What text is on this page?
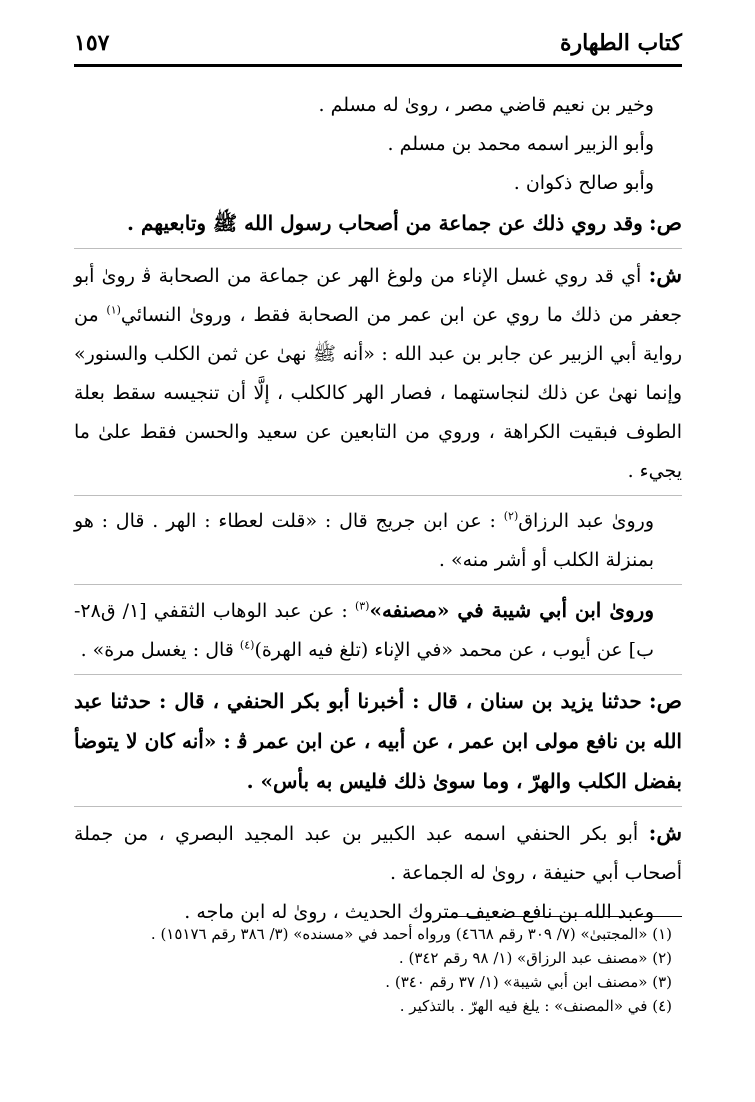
كتاب الطهارة
١٥٧

وخير بن نعيم قاضي مصر ، روىٰ له مسلم .

وأبو الزبير اسمه محمد بن مسلم .

وأبو صالح ذكوان .

ص: وقد روي ذلك عن جماعة من أصحاب رسول الله ﷺ وتابعيهم .

ش: أي قد روي غسل الإناء من ولوغ الهر عن جماعة من الصحابة ﭬ روىٰ أبو جعفر من ذلك ما روي عن ابن عمر من الصحابة فقط ، وروىٰ النسائي$^{(١)}$ من رواية أبي الزبير عن جابر بن عبد الله : «أنه ﷺ نهىٰ عن ثمن الكلب والسنور» وإنما نهىٰ عن ذلك لنجاستهما ، فصار الهر كالكلب ، إلَّا أن تنجيسه سقط بعلة الطوف فبقيت الكراهة ، وروي من التابعين عن سعيد والحسن فقط علىٰ ما يجيء .

وروىٰ عبد الرزاق$^{(٢)}$ : عن ابن جريج قال : «قلت لعطاء : الهر . قال : هو بمنزلة الكلب أو أشر منه» .

وروىٰ ابن أبي شيبة في «مصنفه»$^{(٣)}$ : عن عبد الوهاب الثقفي [١/ ق٢٨-ب] عن أيوب ، عن محمد «في الإناء (تلغ فيه الهرة)$^{(٤)}$ قال : يغسل مرة» .

ص: حدثنا يزيد بن سنان ، قال : أخبرنا أبو بكر الحنفي ، قال : حدثنا عبد الله بن نافع مولى ابن عمر ، عن أبيه ، عن ابن عمر ﭬ : «أنه كان لا يتوضأ بفضل الكلب والهرّ ، وما سوىٰ ذلك فليس به بأس» .

ش: أبو بكر الحنفي اسمه عبد الكبير بن عبد المجيد البصري ، من جملة أصحاب أبي حنيفة ، روىٰ له الجماعة .

وعبد الله بن نافع ضعيف متروك الحديث ، روىٰ له ابن ماجه .

(١) «المجتبىٰ» (٧/ ٣٠٩ رقم ٤٦٦٨) ورواه أحمد في «مسنده» (٣/ ٣٨٦ رقم ١٥١٧٦) .

(٢) «مصنف عبد الرزاق» (١/ ٩٨ رقم ٣٤٢) .

(٣) «مصنف ابن أبي شيبة» (١/ ٣٧ رقم ٣٤٠) .

(٤) في «المصنف» : يلغ فيه الهرّ . بالتذكير .
